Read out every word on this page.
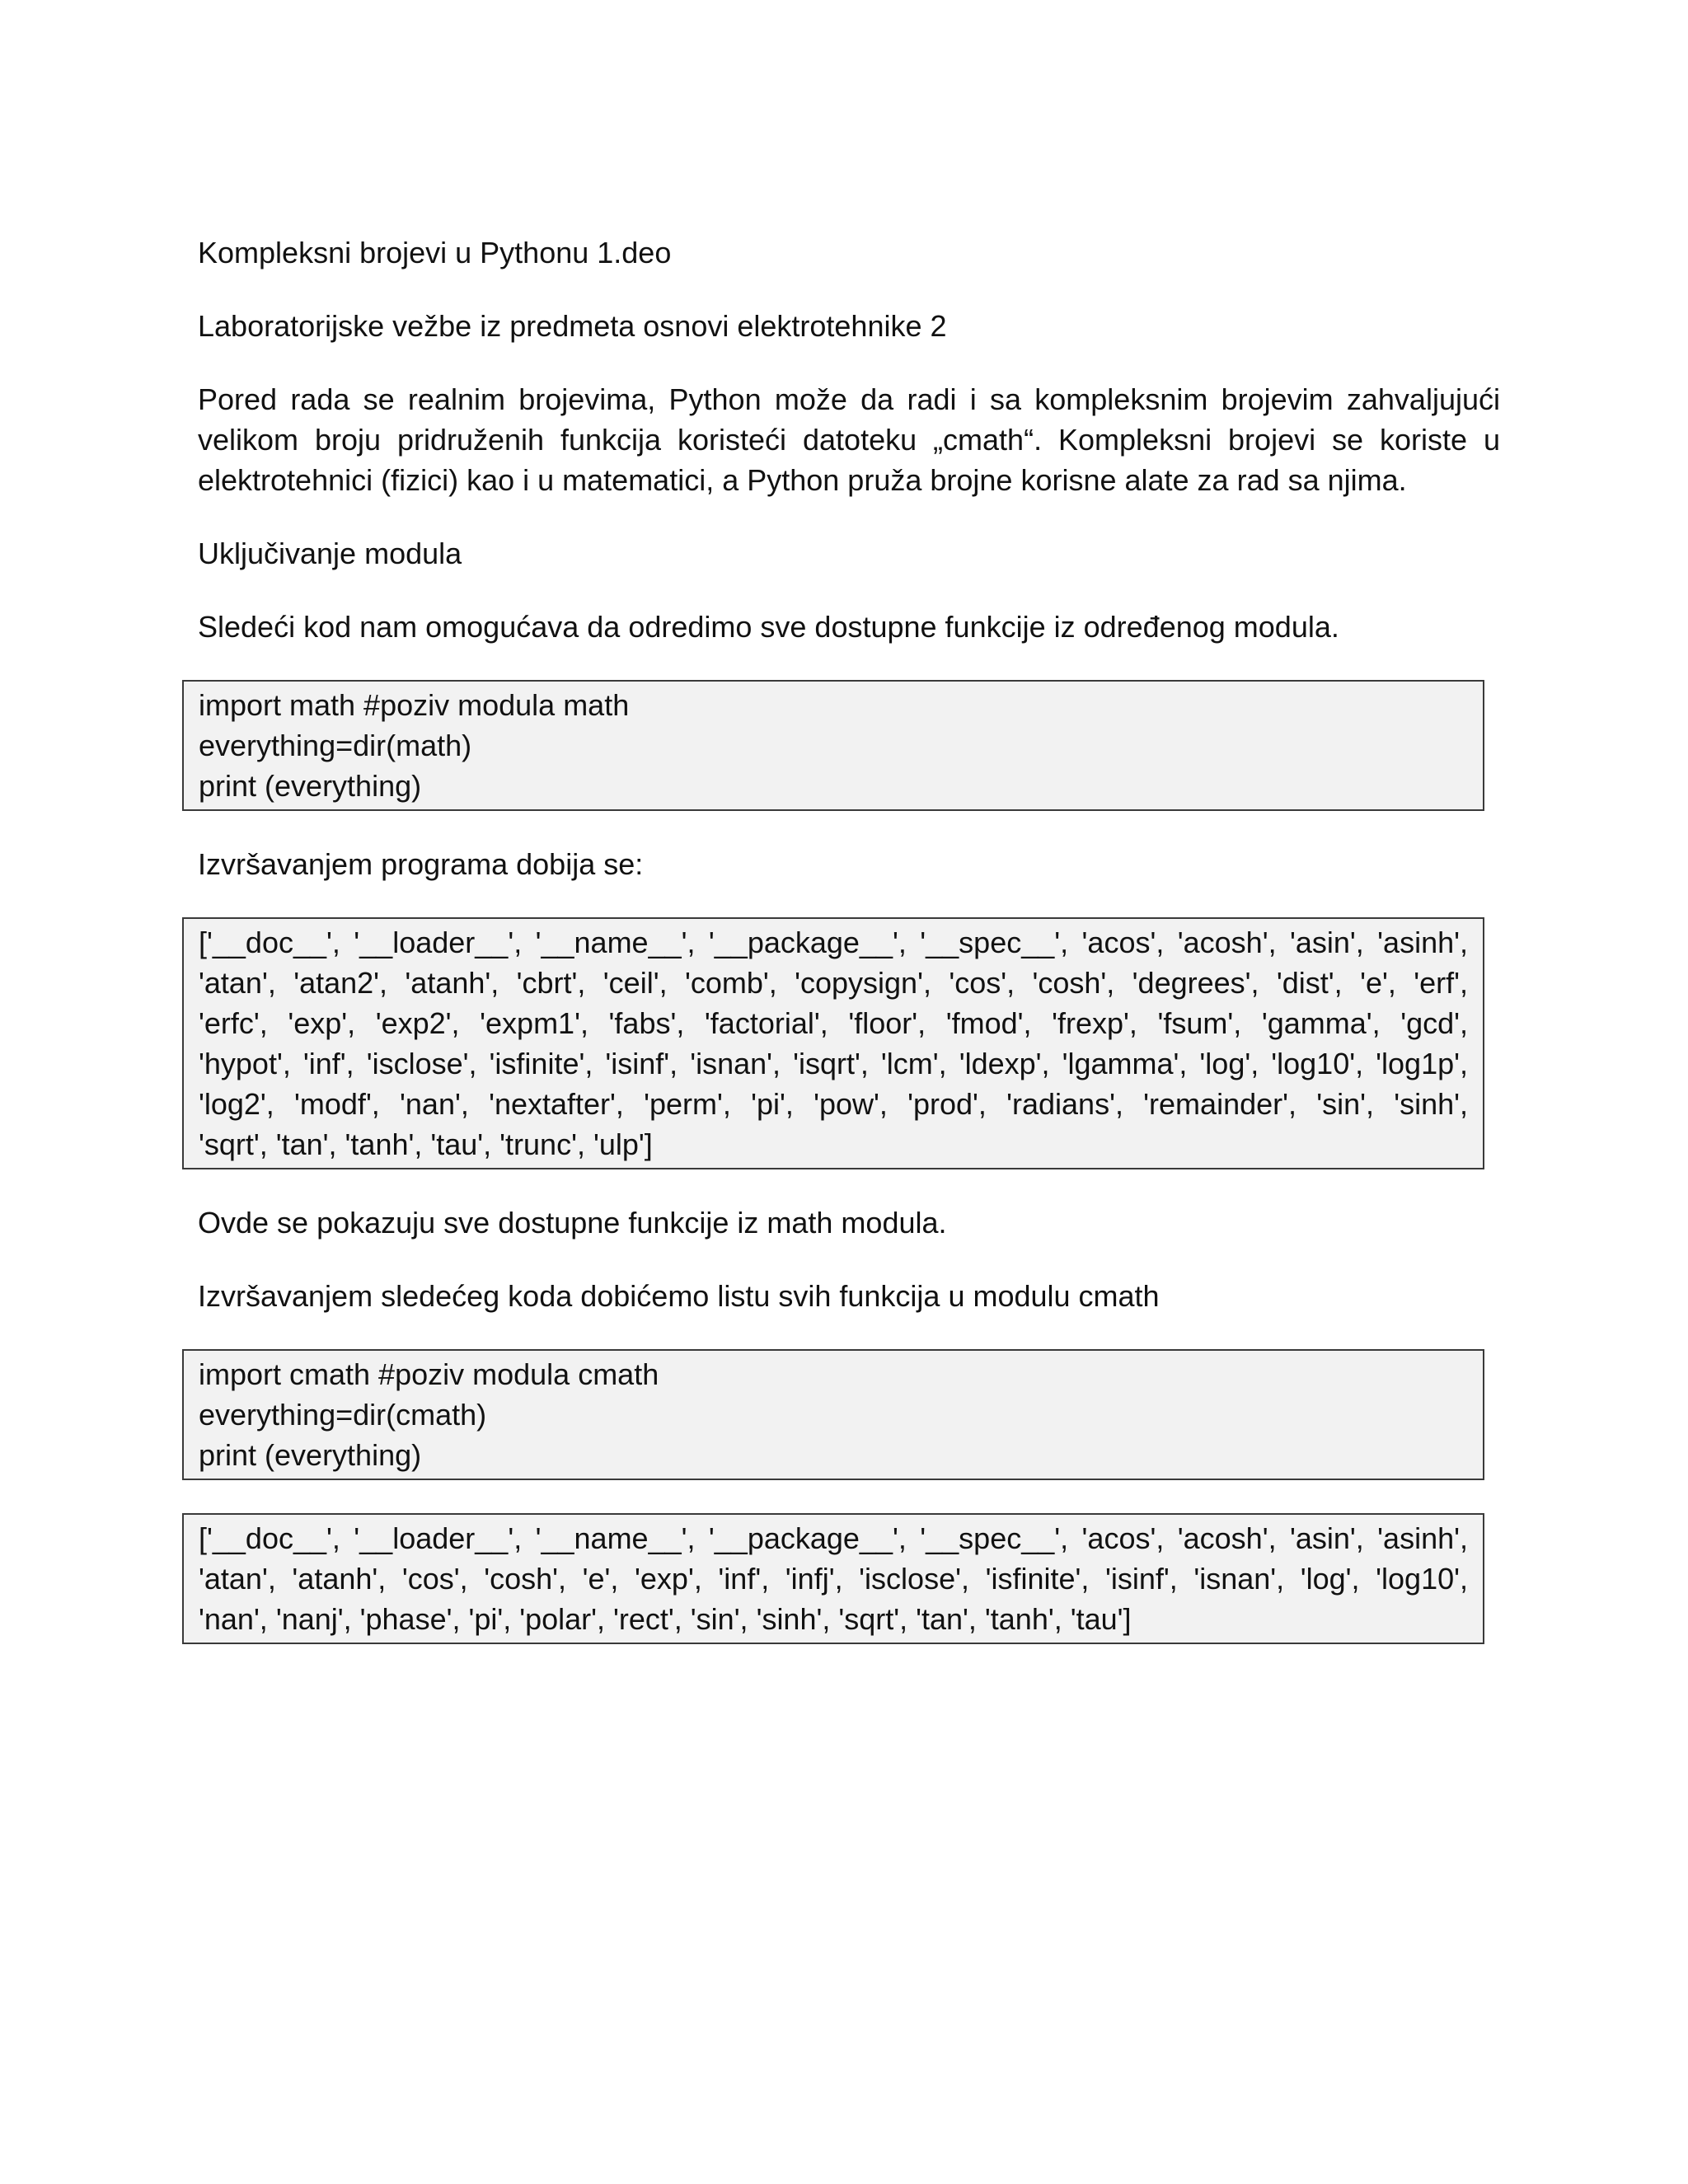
Kompleksni brojevi u Pythonu 1.deo

Laboratorijske vežbe iz predmeta osnovi elektrotehnike 2

Pored rada se realnim brojevima, Python može da radi i sa kompleksnim brojevim zahvaljujući
velikom broju pridruženih funkcija koristeći datoteku „cmath“. Kompleksni brojevi se koriste u
elektrotehnici (fizici) kao i u matematici, a Python pruža brojne korisne alate za rad sa njima.

Uključivanje modula

Sledeći kod nam omogućava da odredimo sve dostupne funkcije iz određenog modula.

import math #poziv modula math
everything=dir(math)
print (everything)

Izvršavanjem programa dobija se:

['__doc__', '__loader__', '__name__', '__package__', '__spec__', 'acos', 'acosh', 'asin', 'asinh',
'atan', 'atan2', 'atanh', 'cbrt', 'ceil', 'comb', 'copysign', 'cos', 'cosh', 'degrees', 'dist', 'e', 'erf',
'erfc', 'exp', 'exp2', 'expm1', 'fabs', 'factorial', 'floor', 'fmod', 'frexp', 'fsum', 'gamma', 'gcd',
'hypot', 'inf', 'isclose', 'isfinite', 'isinf', 'isnan', 'isqrt', 'lcm', 'ldexp', 'lgamma', 'log', 'log10', 'log1p',
'log2', 'modf', 'nan', 'nextafter', 'perm', 'pi', 'pow', 'prod', 'radians', 'remainder', 'sin', 'sinh',
'sqrt', 'tan', 'tanh', 'tau', 'trunc', 'ulp']

Ovde se pokazuju sve dostupne funkcije iz math modula.

Izvršavanjem sledećeg koda dobićemo listu svih funkcija u modulu cmath

import cmath #poziv modula cmath
everything=dir(cmath)
print (everything)
['__doc__', '__loader__', '__name__', '__package__', '__spec__', 'acos', 'acosh', 'asin', 'asinh',
'atan', 'atanh', 'cos', 'cosh', 'e', 'exp', 'inf', 'infj', 'isclose', 'isfinite', 'isinf', 'isnan', 'log', 'log10',
'nan', 'nanj', 'phase', 'pi', 'polar', 'rect', 'sin', 'sinh', 'sqrt', 'tan', 'tanh', 'tau']
